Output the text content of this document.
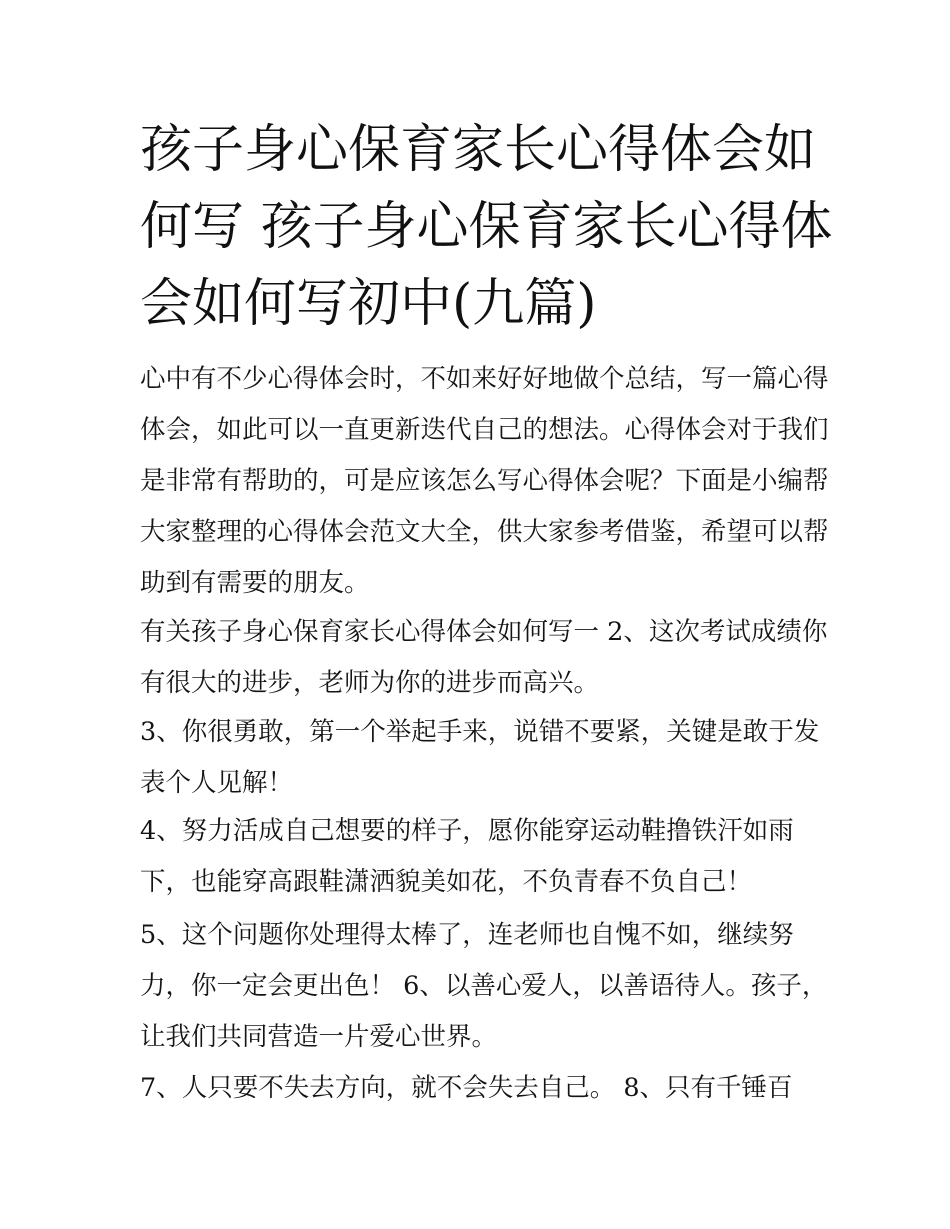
孩子身心保育家长心得体会如
何写 孩子身心保育家长心得体
会如何写初中(九篇)
心中有不少心得体会时，不如来好好地做个总结，写一篇心得
体会，如此可以一直更新迭代自己的想法。心得体会对于我们
是非常有帮助的，可是应该怎么写心得体会呢？下面是小编帮
大家整理的心得体会范文大全，供大家参考借鉴，希望可以帮
助到有需要的朋友。
有关孩子身心保育家长心得体会如何写一 2、这次考试成绩你
有很大的进步，老师为你的进步而高兴。
3、你很勇敢，第一个举起手来，说错不要紧，关键是敢于发
表个人见解！
4、努力活成自己想要的样子，愿你能穿运动鞋撸铁汗如雨
下，也能穿高跟鞋潇洒貌美如花，不负青春不负自己！
5、这个问题你处理得太棒了，连老师也自愧不如，继续努
力，你一定会更出色！ 6、以善心爱人，以善语待人。孩子，
让我们共同营造一片爱心世界。
7、人只要不失去方向，就不会失去自己。 8、只有千锤百
